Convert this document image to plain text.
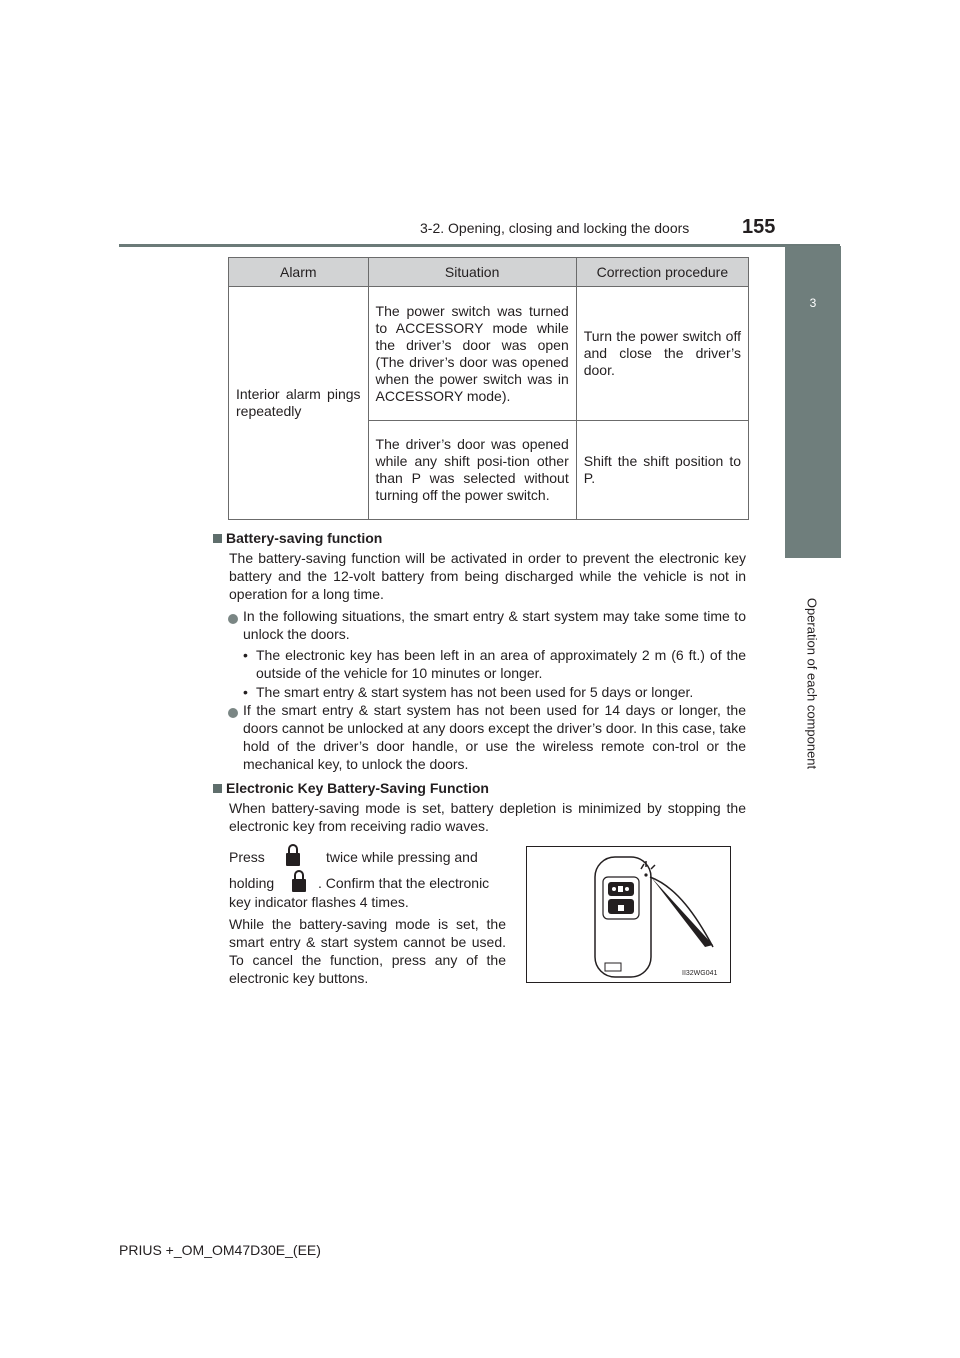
3-2. Opening, closing and locking the doors	155
3
Operation of each component
Alarm	Situation	Correction procedure
Interior alarm pings repeatedly	The power switch was turned to ACCESSORY mode while the driver’s door was open (The driver’s door was opened when the power switch was in ACCESSORY mode).	Turn the power switch off and close the driver’s door.
	The driver’s door was opened while any shift posi-tion other than P was selected without turning off the power switch.	Shift the shift position to P.
Battery-saving function
The battery-saving function will be activated in order to prevent the electronic key battery and the 12-volt battery from being discharged while the vehicle is not in operation for a long time.
In the following situations, the smart entry & start system may take some time to unlock the doors.
• The electronic key has been left in an area of approximately 2 m (6 ft.) of the outside of the vehicle for 10 minutes or longer.
• The smart entry & start system has not been used for 5 days or longer.
If the smart entry & start system has not been used for 14 days or longer, the doors cannot be unlocked at any doors except the driver’s door. In this case, take hold of the driver’s door handle, or use the wireless remote con-trol or the mechanical key, to unlock the doors.
Electronic Key Battery-Saving Function
When battery-saving mode is set, battery depletion is minimized by stopping the electronic key from receiving radio waves.
Press	twice while pressing and
holding	. Confirm that the electronic
key indicator flashes 4 times.
While the battery-saving mode is set, the smart entry & start system cannot be used. To cancel the function, press any of the electronic key buttons.	II32WG041
PRIUS +_OM_OM47D30E_(EE)
